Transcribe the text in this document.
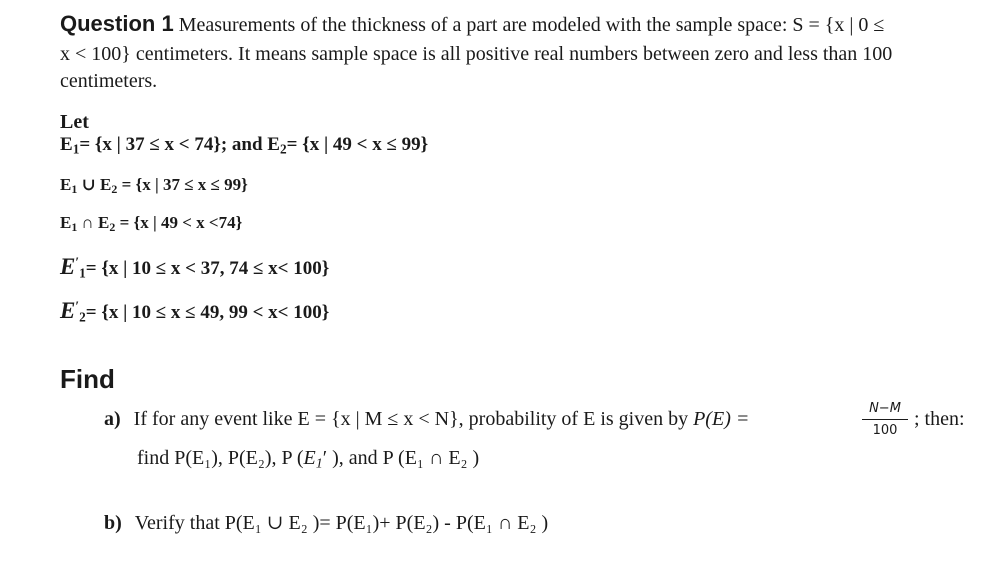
Question 1 Measurements of the thickness of a part are modeled with the sample space: S = {x | 0 ≤
x < 100} centimeters. It means sample space is all positive real numbers between zero and less than 100
centimeters.
Let
$E_1= \{x$ | 37 ≤ x < 74}; and $E_2= \{x$ | 49 < x ≤ 99}
$E_1$ ∪ $E_2 = \{x$ | 37 ≤ x ≤ 99}
$E_1$ ∩ $E_2 = \{x$ | 49 < x <74}
$E'_1= \{x$ | 10 ≤ x < 37, 74 ≤ x< 100}
$E'_2= \{x$ | 10 ≤ x ≤ 49, 99 < x< 100}
Find
a) If for any event like E = {x | M ≤ x < N}, probability of E is given by P(E) =	$\frac{N-M}{100}$ ; then:
find P(E₁), P(E₂), P ($E_1'$ ), and P (E₁ ∩ E₂ )
b) Verify that P(E₁ ∪ E₂ )= P(E₁)+ P(E₂) - P(E₁ ∩ E₂ )
